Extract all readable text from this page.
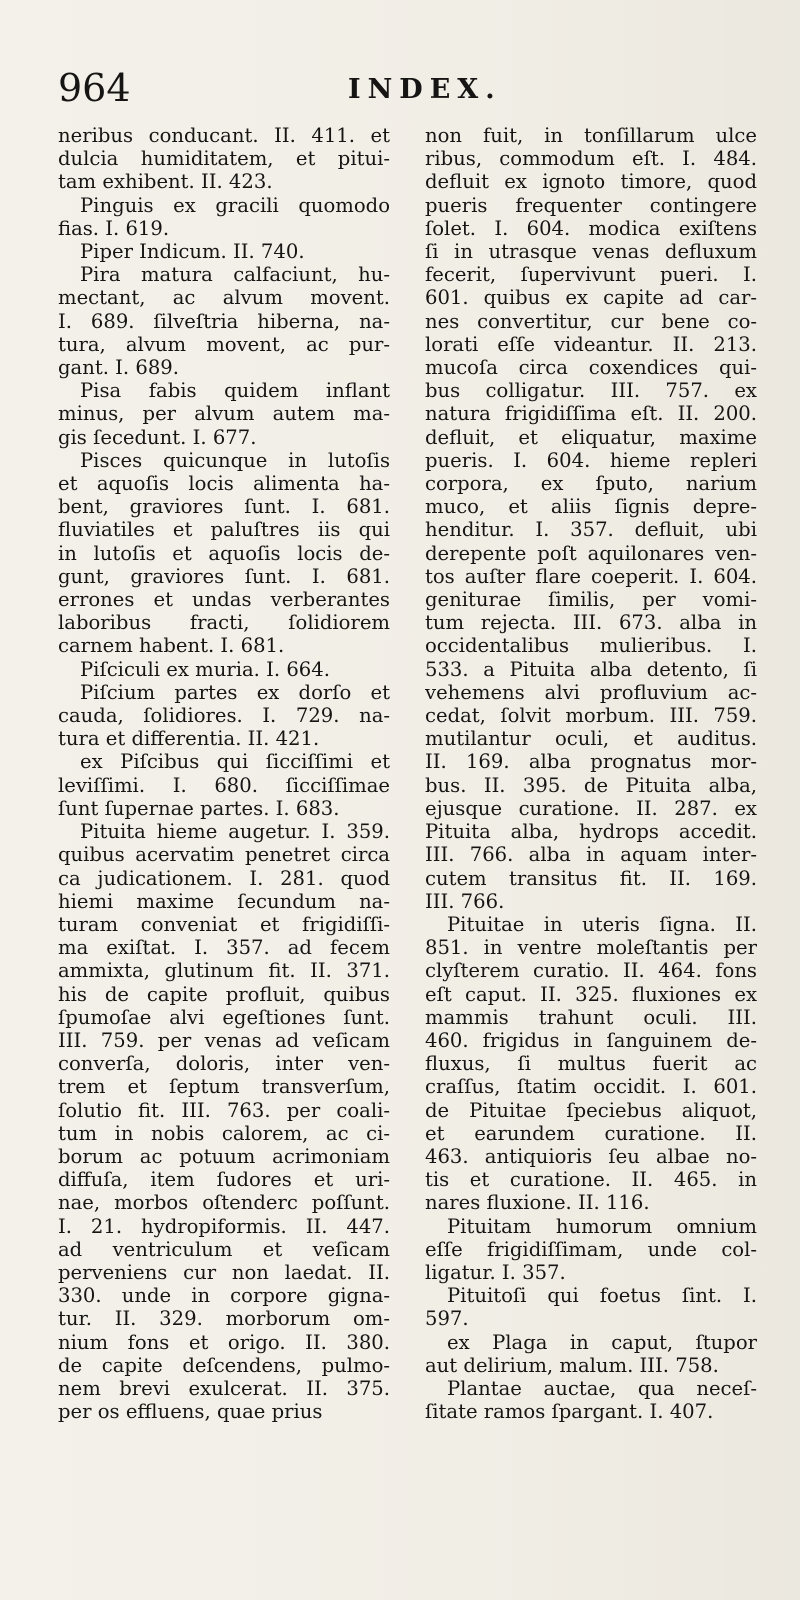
964	INDEX.
neribus conducant. II. 411. et
dulcia humiditatem, et pitui-
tam exhibent. II. 423.
Pinguis ex gracili quomodo
fias. I. 619.
Piper Indicum. II. 740.
Pira matura calfaciunt, hu-
mectant, ac alvum movent.
I. 689. ſilveſtria hiberna, na-
tura, alvum movent, ac pur-
gant. I. 689.
Pisa fabis quidem inflant
minus, per alvum autem ma-
gis ſecedunt. I. 677.
Pisces quicunque in lutoſis
et aquoſis locis alimenta ha-
bent, graviores ſunt. I. 681.
fluviatiles et paluſtres iis qui
in lutoſis et aquoſis locis de-
gunt, graviores ſunt. I. 681.
errones et undas verberantes
laboribus fracti, ſolidiorem
carnem habent. I. 681.
Piſciculi ex muria. I. 664.
Piſcium partes ex dorſo et
cauda, ſolidiores. I. 729. na-
tura et differentia. II. 421.
ex Piſcibus qui ſicciſſimi et
leviſſimi. I. 680. ſicciſſimae
ſunt ſupernae partes. I. 683.
Pituita hieme augetur. I. 359.
quibus acervatim penetret circa
ca judicationem. I. 281. quod
hiemi maxime ſecundum na-
turam conveniat et frigidiſſi-
ma exiſtat. I. 357. ad fecem
ammixta, glutinum fit. II. 371.
his de capite profluit, quibus
ſpumoſae alvi egeſtiones ſunt.
III. 759. per venas ad veſicam
converſa, doloris, inter ven-
trem et ſeptum transverſum,
ſolutio fit. III. 763. per coali-
tum in nobis calorem, ac ci-
borum ac potuum acrimoniam
diffuſa, item ſudores et uri-
nae, morbos oſtenderc poſſunt.
I. 21. hydropiformis. II. 447.
ad ventriculum et veſicam
perveniens cur non laedat. II.
330. unde in corpore gigna-
tur. II. 329. morborum om-
nium fons et origo. II. 380.
de capite deſcendens, pulmo-
nem brevi exulcerat. II. 375.
per os effluens, quae prius
non fuit, in tonſillarum ulce
ribus, commodum eſt. I. 484.
defluit ex ignoto timore, quod
pueris frequenter contingere
ſolet. I. 604. modica exiſtens
ſi in utrasque venas defluxum
fecerit, ſupervivunt pueri. I.
601. quibus ex capite ad car-
nes convertitur, cur bene co-
lorati eſſe videantur. II. 213.
mucoſa circa coxendices qui-
bus colligatur. III. 757. ex
natura frigidiſſima eſt. II. 200.
defluit, et eliquatur, maxime
pueris. I. 604. hieme repleri
corpora, ex ſputo, narium
muco, et aliis ſignis depre-
henditur. I. 357. defluit, ubi
derepente poſt aquilonares ven-
tos auſter flare coeperit. I. 604.
geniturae ſimilis, per vomi-
tum rejecta. III. 673. alba in
occidentalibus mulieribus. I.
533. a Pituita alba detento, ſi
vehemens alvi profluvium ac-
cedat, ſolvit morbum. III. 759.
mutilantur oculi, et auditus.
II. 169. alba prognatus mor-
bus. II. 395. de Pituita alba,
ejusque curatione. II. 287. ex
Pituita alba, hydrops accedit.
III. 766. alba in aquam inter-
cutem transitus fit. II. 169.
III. 766.
Pituitae in uteris ſigna. II.
851. in ventre moleſtantis per
clyſterem curatio. II. 464. fons
eſt caput. II. 325. fluxiones ex
mammis trahunt oculi. III.
460. frigidus in ſanguinem de-
fluxus, ſi multus fuerit ac
craſſus, ſtatim occidit. I. 601.
de Pituitae ſpeciebus aliquot,
et earundem curatione. II.
463. antiquioris ſeu albae no-
tis et curatione. II. 465. in
nares fluxione. II. 116.
Pituitam humorum omnium
eſſe frigidiſſimam, unde col-
ligatur. I. 357.
Pituitoſi qui foetus ſint. I.
597.
ex Plaga in caput, ſtupor
aut delirium, malum. III. 758.
Plantae auctae, qua neceſ-
ſitate ramos ſpargant. I. 407.
